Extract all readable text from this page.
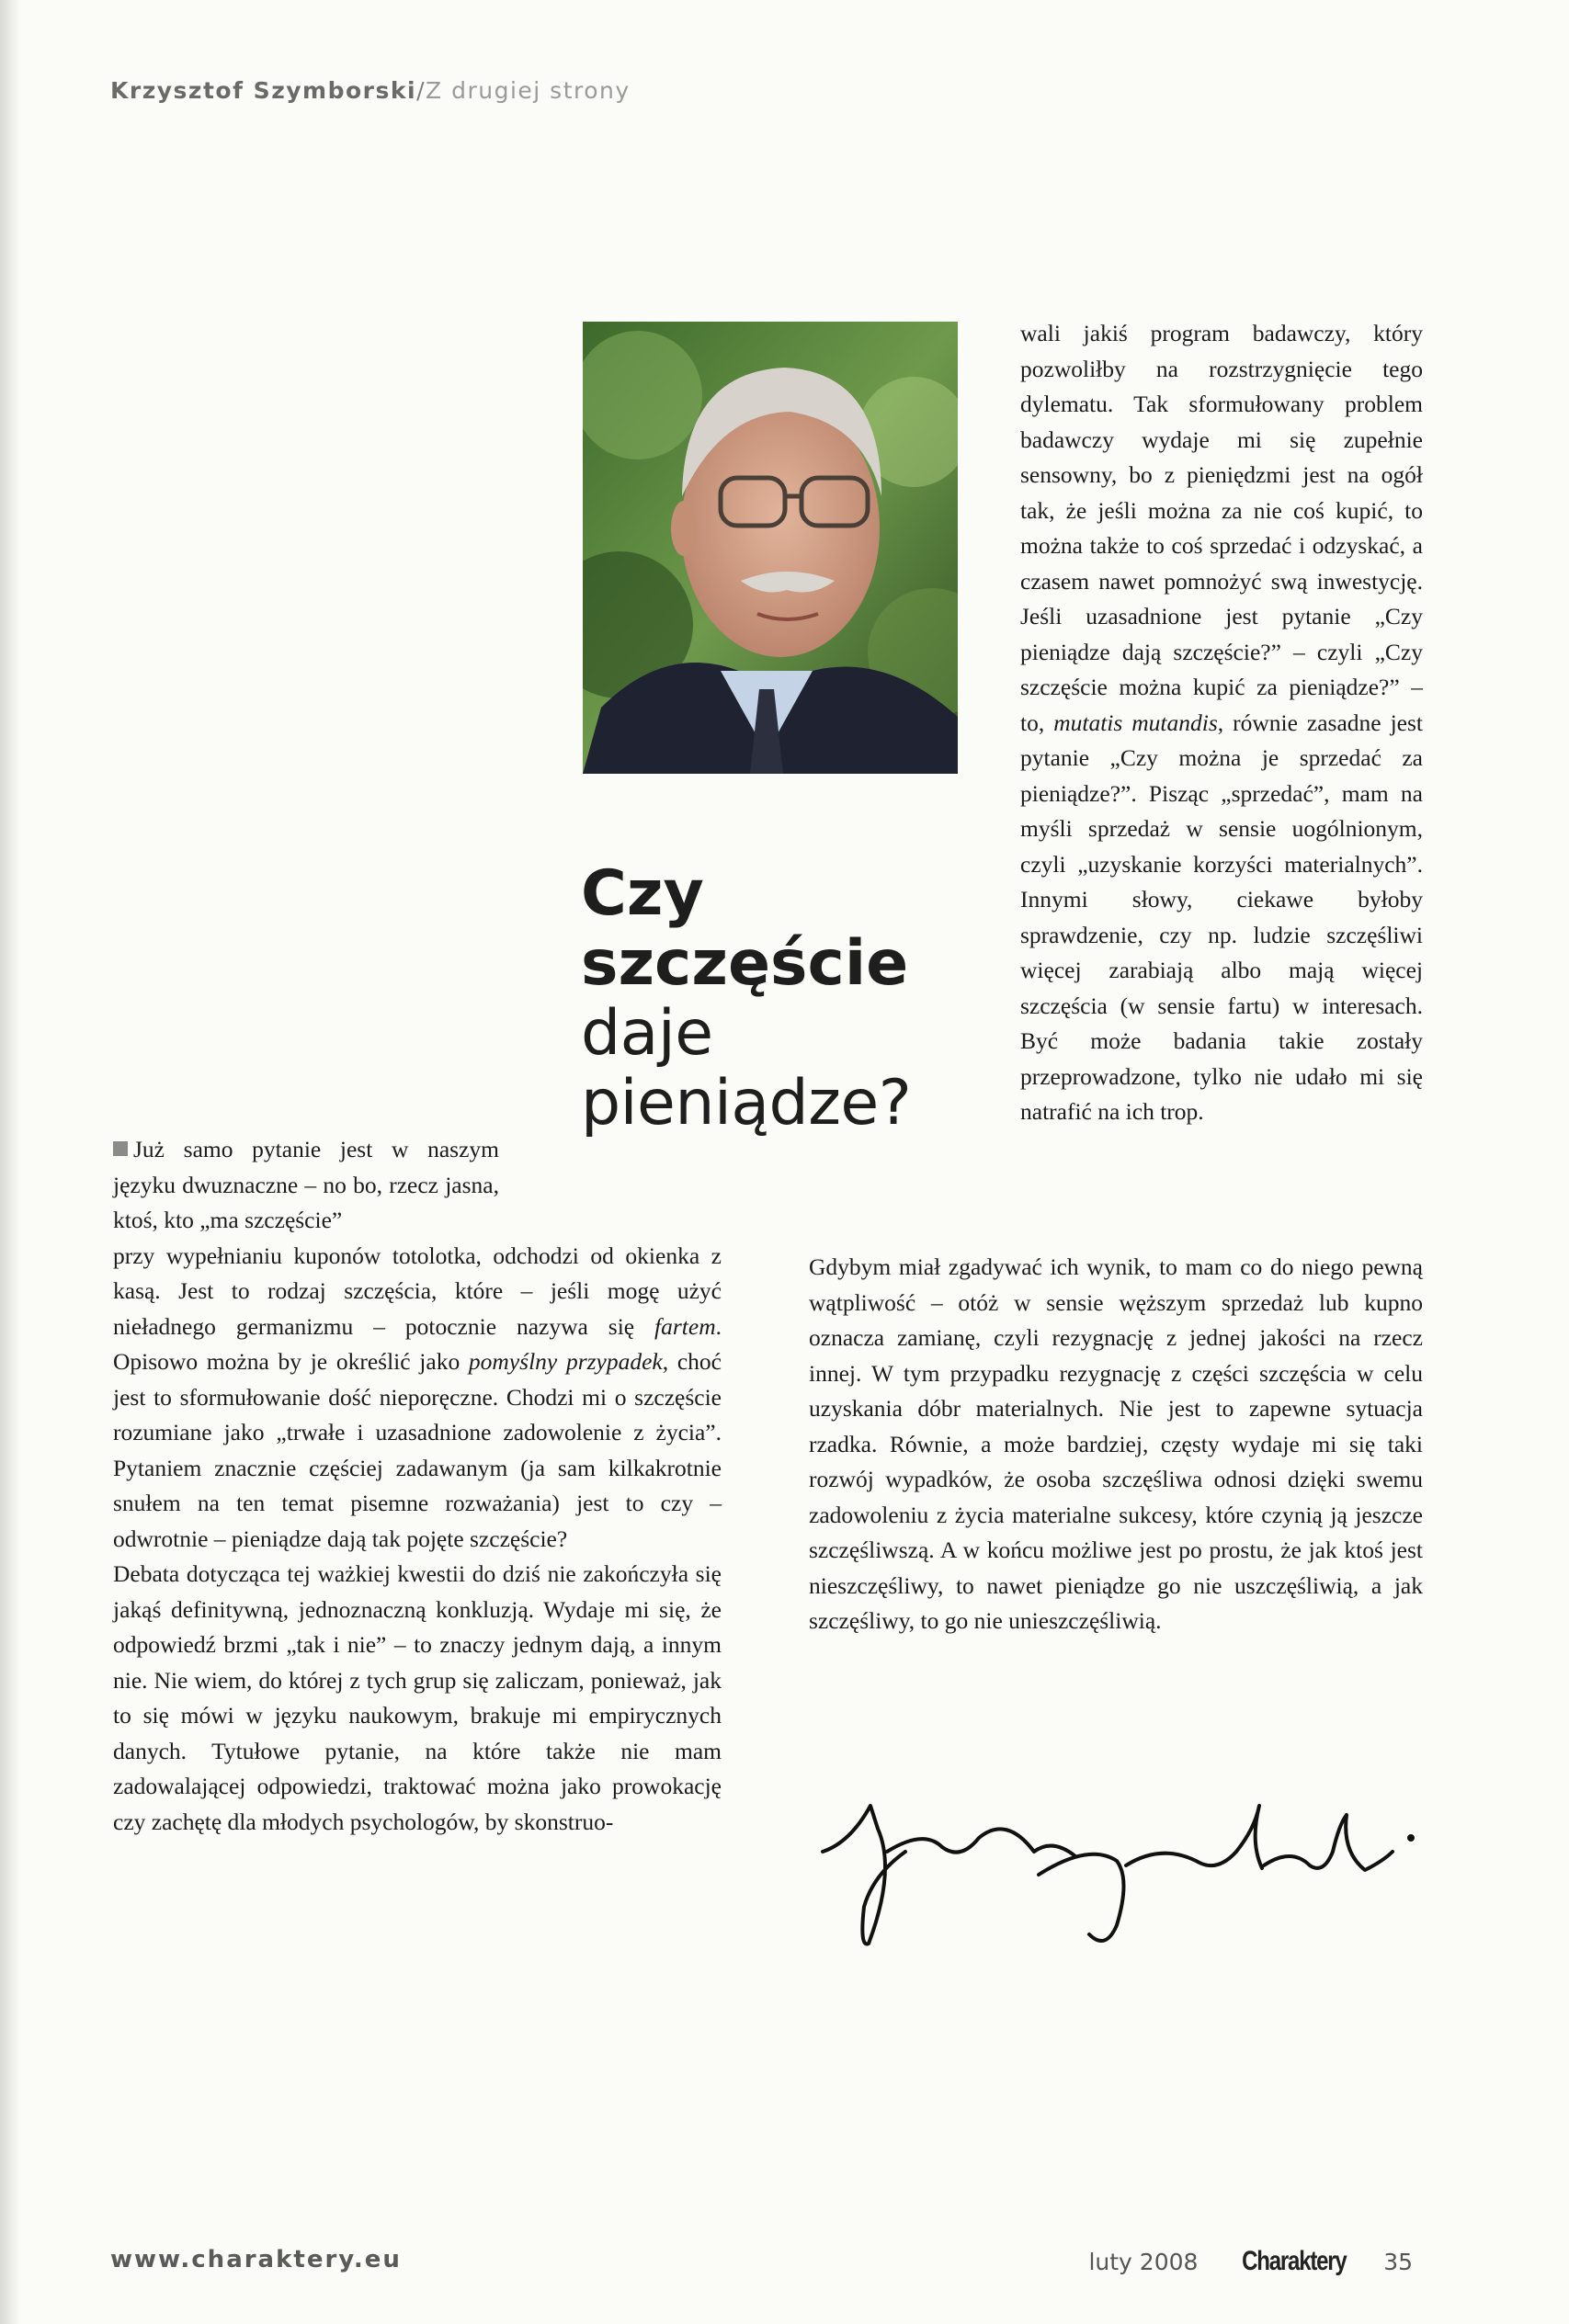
Krzysztof Szymborski/Z drugiej strony
Czy
szczęście
daje
pieniądze?

wali jakiś program badawczy, który pozwoliłby na rozstrzygnięcie tego dylematu. Tak sformułowany problem badawczy wydaje mi się zupełnie sensowny, bo z pieniędzmi jest na ogół tak, że jeśli można za nie coś kupić, to można także to coś sprzedać i odzyskać, a czasem nawet pomnożyć swą inwestycję. Jeśli uzasadnione jest pytanie „Czy pieniądze dają szczęście?” – czyli „Czy szczęście można kupić za pieniądze?” – to, mutatis mutandis, równie zasadne jest pytanie „Czy można je sprzedać za pieniądze?”. Pisząc „sprzedać”, mam na myśli sprzedaż w sensie uogólnionym, czyli „uzyskanie korzyści materialnych”. Innymi słowy, ciekawe byłoby sprawdzenie, czy np. ludzie szczęśliwi więcej zarabiają albo mają więcej szczęścia (w sensie fartu) w interesach. Być może badania takie zostały przeprowadzone, tylko nie udało mi się natrafić na ich trop.

Już samo pytanie jest w naszym języku dwuznaczne – no bo, rzecz jasna, ktoś, kto „ma szczęście”

przy wypełnianiu kuponów totolotka, odchodzi od okienka z kasą. Jest to rodzaj szczęścia, które – jeśli mogę użyć nieładnego germanizmu – potocznie nazywa się fartem. Opisowo można by je określić jako pomyślny przypadek, choć jest to sformułowanie dość nieporęczne. Chodzi mi o szczęście rozumiane jako „trwałe i uzasadnione zadowolenie z życia”. Pytaniem znacznie częściej zadawanym (ja sam kilkakrotnie snułem na ten temat pisemne rozważania) jest to czy – odwrotnie – pieniądze dają tak pojęte szczęście?

Debata dotycząca tej ważkiej kwestii do dziś nie zakończyła się jakąś definitywną, jednoznaczną konkluzją. Wydaje mi się, że odpowiedź brzmi „tak i nie” – to znaczy jednym dają, a innym nie. Nie wiem, do której z tych grup się zaliczam, ponieważ, jak to się mówi w języku naukowym, brakuje mi empirycznych danych. Tytułowe pytanie, na które także nie mam zadowalającej odpowiedzi, traktować można jako prowokację czy zachętę dla młodych psychologów, by skonstruo-

Gdybym miał zgadywać ich wynik, to mam co do niego pewną wątpliwość – otóż w sensie węższym sprzedaż lub kupno oznacza zamianę, czyli rezygnację z jednej jakości na rzecz innej. W tym przypadku rezygnację z części szczęścia w celu uzyskania dóbr materialnych. Nie jest to zapewne sytuacja rzadka. Równie, a może bardziej, częsty wydaje mi się taki rozwój wypadków, że osoba szczęśliwa odnosi dzięki swemu zadowoleniu z życia materialne sukcesy, które czynią ją jeszcze szczęśliwszą. A w końcu możliwe jest po prostu, że jak ktoś jest nieszczęśliwy, to nawet pieniądze go nie uszczęśliwią, a jak szczęśliwy, to go nie unieszczęśliwią.

www.charaktery.eu	luty 2008 Charaktery 35
